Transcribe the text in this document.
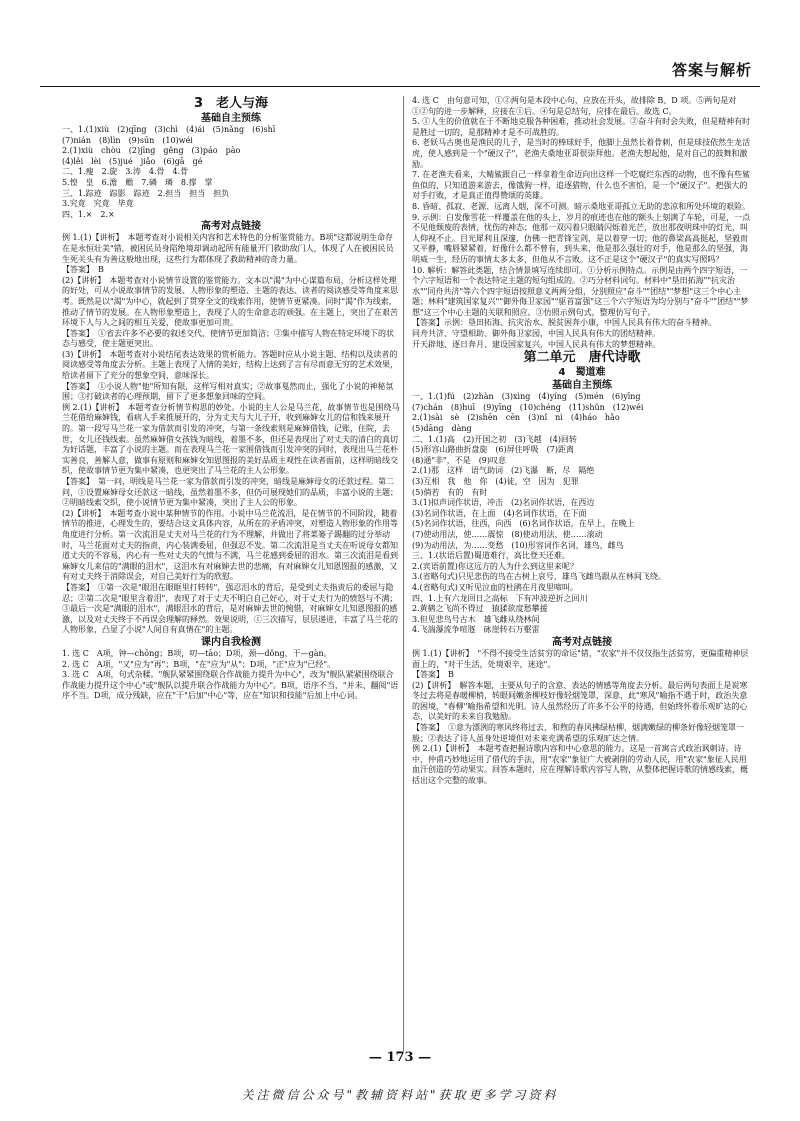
答案与解析

3　老人与海

基础自主预练

一、1.(1)xiù　(2)qīng　(3)chì　(4)ái　(5)nǎng　(6)shī

(7)nián　(8)lìn　(9)sūn　(10)wéi

2.(1)xiù　chòu　(2)jīng　gěng　(3)páo　pào

(4)lěi　lèi　(5)jué　jiǎo　(6)gā　gé

二、1.瘦　2.旋　3.涛　4.骨　4.骨

5.惶　皇　6.澹　赡　7.磷　璘　8.撑　掌

三、1.踪迹　踪影　踪迹　2.担当　担当　担负

3.究竟　究竟　毕竟

四、1.×　2.×

高考对点链接

例 1.(1)【讲析】　本题考查对小说相关内容和艺术特色的分析鉴赏能力。B项"这都说明生命存在是永恒壮美"错，被困民员身陷绝境却调动起所有能量开门救助敌门人，体现了人在被困民员生死关头有为善这般地出现，这些行为都体现了救助精神的奇力量。

【答案】　B

(2)【讲析】　本题考查对小说情节设置的鉴赏能力。文本以"渴"为中心谋篇布局，分析这样处理的好处，可从小说故事情节的发展、人物形象的塑造、主题的表达、读者的阅读感受等角度来思考。既然是以"渴"为中心，就起到了贯穿全文的线索作用，使情节更紧凑。同时"渴"作为线索，推动了情节的发展。在人物形象塑造上，表现了人的生命意志的顽强。在主题上，突出了在艰苦环境下人与人之间的相互关爱，使故事更加可贵。

【答案】　①省去许多不必要的叙述交代，使情节更加简洁；②集中描写人物在特定环境下的状态与感受，使主题更突出。

(3)【讲析】　本题考查对小说结尾表达效果的赏析能力。答题时应从小说主题、结构以及读者的阅读感受等角度去分析。主题上表现了人情的美好，结构上达到了言有尽而意无穷的艺术效果，给读者留下了充分的想象空间，意味深长。

【答案】　①小说人物"他"所知有限，这样写相对真实；②故事戛然而止，强化了小说的神秘氛围；③打破读者的心理预期，留下了更多想象回味的空间。

例 2.(1)【讲析】　本题考查分析情节构思的妙处。小说的主人公是马兰花，故事情节也是围绕马兰花借给麻婶钱，看病人手来推展开的，分为丈夫与大儿子开，收到麻婶女儿的信和钱来展开的。第一段写马兰花一家为借款而引发的冲突，与第一条线索则是麻婶借钱，记账，住院，去世，女儿还钱线索。虽然麻婶借女孩钱为暗线，着墨不多，但还是表现出了对丈夫的清白的真切为好话题，丰富了小说的主题。而在表现马兰花一家围借钱而引发冲突的同时，表现出马兰花朴实善良，善解人意，做事有原则和麻婶女知恩图报的美好品质主观性在读者面前，这样明暗线交织，使故事情节更为集中紧凑，也更突出了马兰花的主人公形象。

【答案】　第一问，明线是马兰花一家为借款而引发的冲突，暗线是麻婶母女的还款过程。第二问，①设置麻婶母女还款这一暗线，虽然着墨不多，但仍可展现她们的品质，丰富小说的主题；②明暗线索交织，使小说情节更为集中紧凑，突出了主人公的形象。

(2)【讲析】　本题考查小说中某种情节的作用。小说中马兰花流泪，是在情节的不同阶段，随着情节的推进，心理发生的，要结合这文具体内容，从所在的矛盾冲突，对塑造人物形象的作用等角度进行分析。第一次流泪是丈夫对马兰花的行为不理解，并做出了将菜篓子踢翻的过分举动时，马兰花面对丈夫的指责，内心装满委屈，但强忍不发。第二次流泪是当丈夫在听说母女都知道丈夫的不容易，内心有一些对丈夫的气愤与不满，马兰花感到委屈的泪水。第三次流泪是看到麻婶女儿来信的"满眼的泪水"，这泪水有对麻婶去世的悲痛，有对麻婶女儿知恩图报的感激，又有对丈夫终于消除误会，对自己美好行为的欣慰。

【答案】　①第一次是"眼泪在眼眶里打转转"，强忍泪水的背后，是受到丈夫指责后的委屈与隐忍；②第二次是"眼里含着泪"，表现了对于丈夫不明白自己好心，对于丈夫行为的愤怒与不满；③最后一次是"满眼的泪水"，满眼泪水的背后，是对麻婶去世的惋惜，对麻婶女儿知恩图报的感激，以及对丈夫终于不再误会理解的释然。效果说明，①三次描写，层层递进，丰富了马兰花的人物形象，凸显了小说"人间自有真情在"的主题。

课内自我检测

1. 选 C　A项，钟—chōng；B项，叨—tāo；D项，颈—dǒng，干—gàn。

2. 选 C　A项，"又"应为"再"；B项，"在"应为"从"；D项，"正"应为"已经"。

3. 选 C　A项，句式杂糅。"舰队紧紧围绕联合作战能力提升为中心"，改为"舰队紧紧围绕联合作战能力提升这个中心"或"舰队以提升联合作战能力为中心"。B项，语序不当，"并未、翻阅"语序不当。D项，成分残缺，应在"干"后加"中心"等，应在"知识和技能"后加上中心词。

4. 选 C　由句意可知，①②两句是本段中心句，应放在开头，故排除 B、D 项。⑤两句是对①②句的进一步解释，应接在①后。④句是总结句，应排在最后。故选 C。

5. ①人生的价值就在于不断地克服各种困难，推动社会发展。②奋斗有时会失败，但是精神有时是胜过一切的，是那精神才是不可战胜的。

6. 老妖马古奥也是渔民的儿子，是当时的棒球好手，他脚上虽然长着骨刺，但是球技依然生龙活虎，使人感到是一个"硬汉子"，老渔夫桑地亚哥很崇拜他。老渔夫想起他，是对自己的鼓舞和激励。

7. 在老渔夫看来，大鲭鲨跟自己一样拿着生命迈向出这样一个吃腐烂东西的动物，也不像有些鲨鱼似的，只知道游来游去，像饿狗一样，追逐猎物，什么也不害怕，是一个"硬汉子"。把强大的对手打败，才是真正值得赞颂的英雄。

8. 昏暗、孤寂、老源、远离人烟，深不可测。暗示桑地亚哥孤立无助的悲凉和所处环境的艰险。

9. 示例：白发像雪花一样覆盖在他的头上，岁月的痕迹也在他的额头上刻满了车轮，可是，一点不见他颓废的表情，忧伤的神态；他那一双闪着只眼睛闪烁着光芒，放出那夜明珠中的灯光，叫人仰视不止。目光犀利且深邃，仿佛一把青锋宝剑，是以着穿一切；他的鼻梁高高挺起，坚毅而又平静，嘴唇紧紧着，好像什么都不曾有，到头来，他是那么强壮的对手，他是那么的坚强，海明威一生，经历的事情太多太多，但他从不言败。这不正是这个"硬汉子"的真实写照吗？

10. 解析：解答此类题，结合情景填写连续即可。①分析示例特点。示例是由两个四字短语，一个六字短语和一个表达特定主题的短句组成的。②巧分材料词句。材料中"垦田拓海""抗灾治水""同舟共济"等六个四字短语按照意义两两分组，分别照应"奋斗""团结""梦想"这三个中心主题；林料"建筑国家复兴""御外侮卫家园""驱首富强"这三个六字短语为均分别与"奋斗""团结""梦想"这三个中心主题的关联和照应。③仿照示例句式，整理仿写句子。

【答案】示例：垦田拓海、抗灾治水、脱贫困奔小康，中国人民具有伟大的奋斗精神。

同舟共济、守望相助、御外侮卫家园，中国人民具有伟大的团结精神。

开天辟地、逐日奔月、建设国家复兴，中国人民具有伟大的梦想精神。

第二单元　唐代诗歌

4　蜀道难

基础自主预练

一、1.(1)fú　(2)zhàn　(3)xìng　(4)yíng　(5)mén　(6)yīng

(7)chán　(8)huī　(9)yīng　(10)chéng　(11)shǔn　(12)wéi

2.(1)sài　sè　(2)shēn　cēn　(3)nǐ　nì　(4)háo　hǎo

(5)dāng　dàng

二、1.(1)高　(2)开国之初　(3)飞越　(4)回转

(5)形容山路曲折盘旋　(6)屏住呼吸　(7)距离

(8)通"非"，不是　(9)叹息

2.(1)那　这样　语气助词　(2)飞瀑　断，尽　隔绝

(3)互相　我　他　你　(4)徒，空　因为　犯罪

(5)倘若　有的　有时

3.(1)拟声词作状语，冲击　(2)名词作状语，在西边

(3)名词作状语，在上面　(4)名词作状语，在下面

(5)名词作状语，往西，向西　(6)名词作状语，在早上，在晚上

(7)使动用法，使……震惊　(8)使动用法，使……滚动

(9)为动用法，为……变愁　(10)形容词作名词，雄鸟，雌鸟

三、1.(状语后置)蜀道难行，高比登天还难。

2.(宾语前置)你这远方的人为什么到这里来呢？

3.(省略句式)只见悲伤的鸟在古树上哀号，雄鸟飞雌鸟跟从在林间飞绕。

4.(省略句式)又听见泣血的杜鹃在月夜里啼叫。

四、1.上有六龙回日之高标　下有冲波逆折之回川

2.黄鹤之飞尚不得过　猿猱欲度愁攀援

3.但见悲鸟号古木　雄飞雌从绕林间

4.飞湍瀑流争喧豗　砯崖转石万壑雷

高考对点链接

例 1.(1)【讲析】　"不得不接受生活贫穷的命运"错，"农家"并不仅仅指生活贫穷，更偏重精神层面上的，"对于生活，处境艰辛，迷途"。

【答案】　B

(2)【讲析】　解答本题，主要从句子的含意、表达的情感等角度去分析。最后两句表面上是说寒冬过去将是春暖柳梢，转眼间嫩条柳枝好像轻烟笼罩，深意，此"寒风"喻指不遇于时，政治失意的困境，"春柳"喻指希望和光明。诗人虽然经历了许多不公平的待遇，但始终怀着乐观旷达的心态，以美好的未来自我勉励。

【答案】　①意为漂洌的寒风终将过去，和煦的春风拂绿枯柳，烟满嫩绿的柳条好像轻烟笼罩一般；②表达了诗人虽身处逆境但对未来充满希望的乐观旷达之情。

例 2.(1)【讲析】　本题考查把握诗歌内容和中心意思的能力。这是一首寓言式政治讽刺诗。诗中，仲甫巧妙地运用了借代的手法，用"农家"象征广大被剥削的劳动人民，用"农家"象征人民用血汗创造的劳动果实。回答本题时，应在理解诗歌内容写人物，从整体把握诗歌的情感线索，概括出这个完整的故事。

— 173 —
关注微信公众号"教辅资料站"获取更多学习资料
